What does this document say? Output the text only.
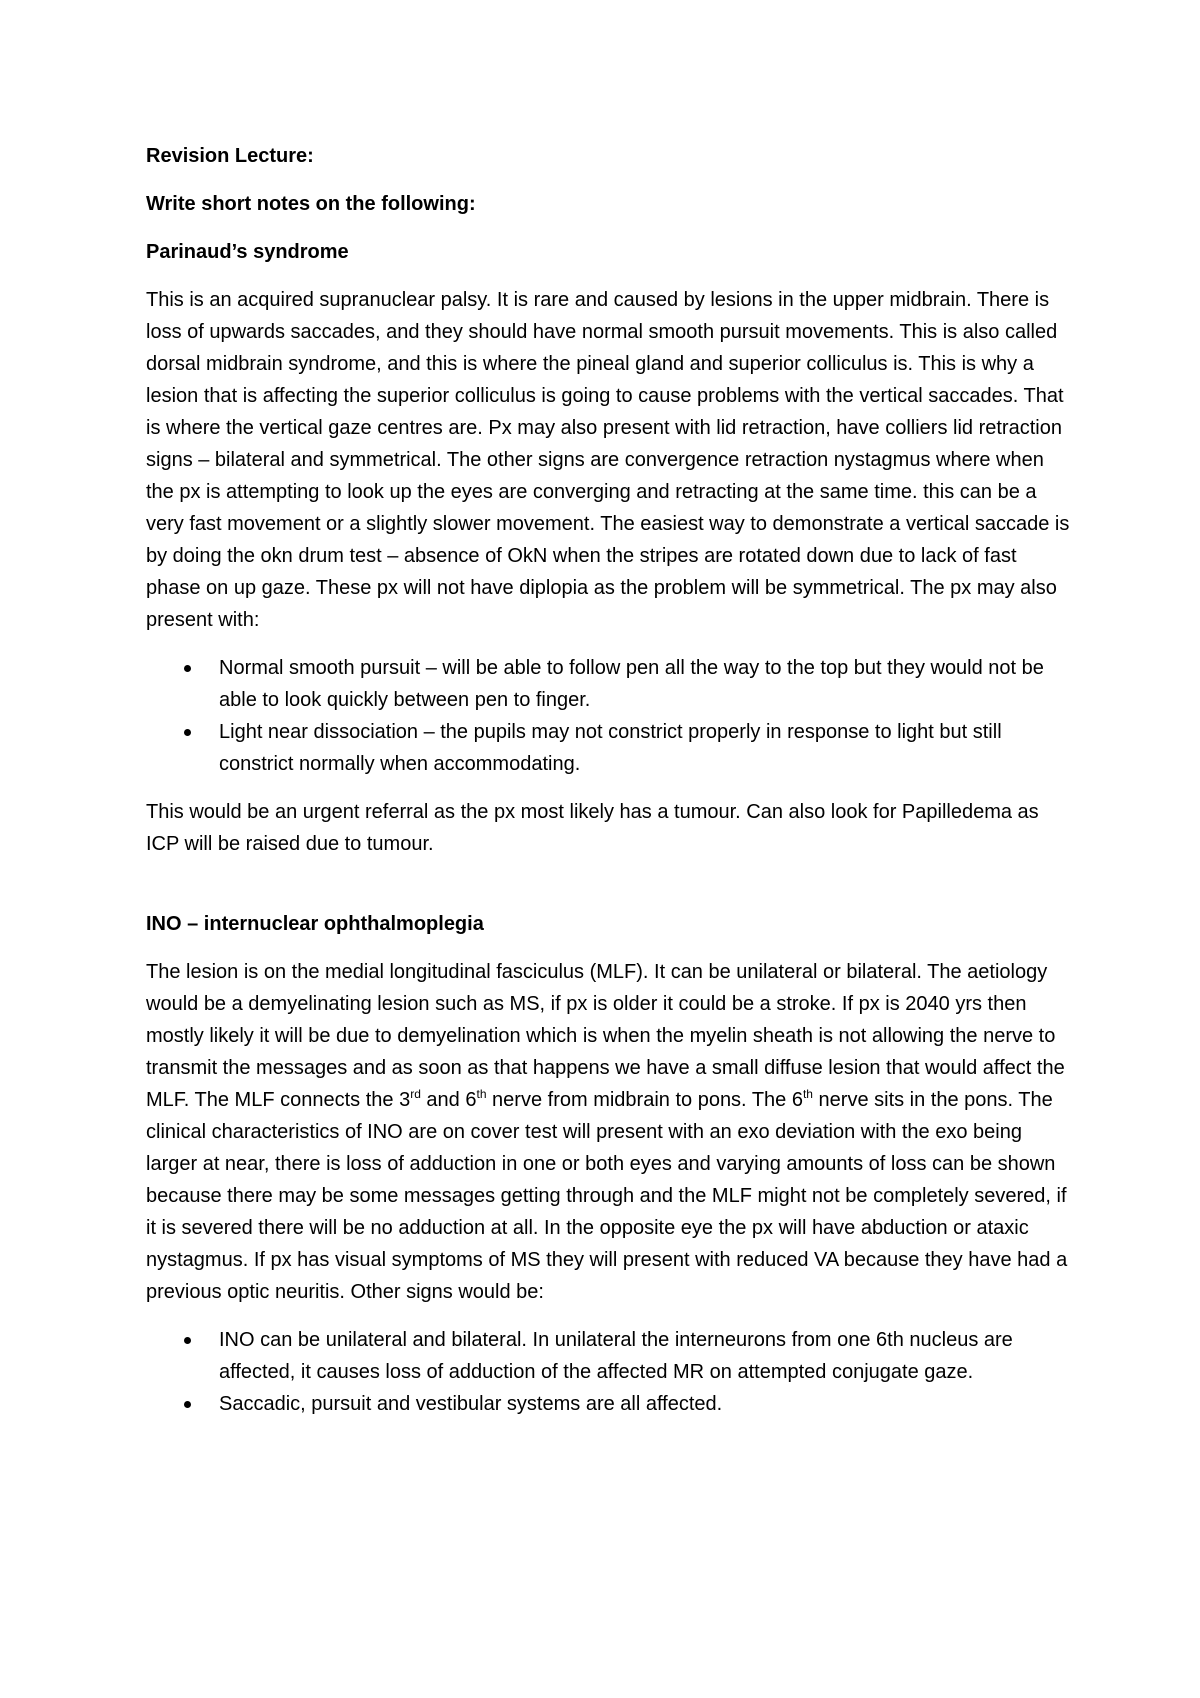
Revision Lecture:

Write short notes on the following:

Parinaud’s syndrome

This is an acquired supranuclear palsy. It is rare and caused by lesions in the upper midbrain. There is loss of upwards saccades, and they should have normal smooth pursuit movements. This is also called dorsal midbrain syndrome, and this is where the pineal gland and superior colliculus is. This is why a lesion that is affecting the superior colliculus is going to cause problems with the vertical saccades. That is where the vertical gaze centres are. Px may also present with lid retraction, have colliers lid retraction signs – bilateral and symmetrical. The other signs are convergence retraction nystagmus where when the px is attempting to look up the eyes are converging and retracting at the same time. this can be a very fast movement or a slightly slower movement. The easiest way to demonstrate a vertical saccade is by doing the okn drum test – absence of OkN when the stripes are rotated down due to lack of fast phase on up gaze. These px will not have diplopia as the problem will be symmetrical. The px may also present with:

Normal smooth pursuit – will be able to follow pen all the way to the top but they would not be able to look quickly between pen to finger.
Light near dissociation – the pupils may not constrict properly in response to light but still constrict normally when accommodating.

This would be an urgent referral as the px most likely has a tumour. Can also look for Papilledema as ICP will be raised due to tumour.

INO – internuclear ophthalmoplegia

The lesion is on the medial longitudinal fasciculus (MLF). It can be unilateral or bilateral. The aetiology would be a demyelinating lesion such as MS, if px is older it could be a stroke. If px is 2040 yrs then mostly likely it will be due to demyelination which is when the myelin sheath is not allowing the nerve to transmit the messages and as soon as that happens we have a small diffuse lesion that would affect the MLF. The MLF connects the 3rd and 6th nerve from midbrain to pons. The 6th nerve sits in the pons. The clinical characteristics of INO are on cover test will present with an exo deviation with the exo being larger at near, there is loss of adduction in one or both eyes and varying amounts of loss can be shown because there may be some messages getting through and the MLF might not be completely severed, if it is severed there will be no adduction at all. In the opposite eye the px will have abduction or ataxic nystagmus. If px has visual symptoms of MS they will present with reduced VA because they have had a previous optic neuritis. Other signs would be:

INO can be unilateral and bilateral. In unilateral the interneurons from one 6th nucleus are affected, it causes loss of adduction of the affected MR on attempted conjugate gaze.
Saccadic, pursuit and vestibular systems are all affected.
